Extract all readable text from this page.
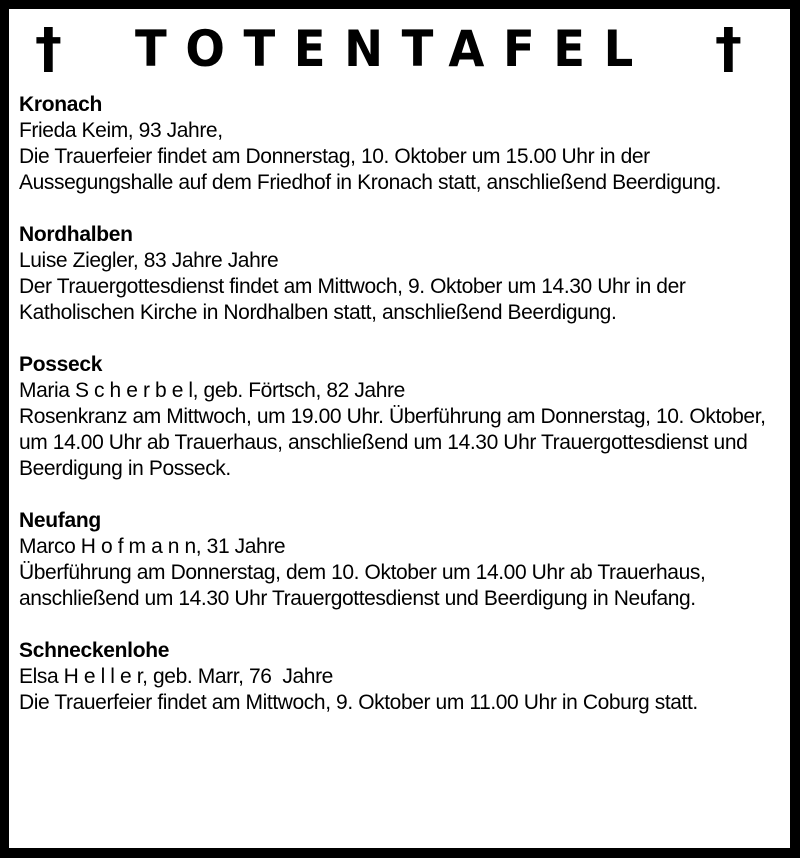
† TOTENTAFEL †
Kronach
Frieda Keim, 93 Jahre,
Die Trauerfeier findet am Donnerstag, 10. Oktober um 15.00 Uhr in der Aussegungshalle auf dem Friedhof in Kronach statt, anschließend Beerdigung.
Nordhalben
Luise Ziegler, 83 Jahre Jahre
Der Trauergottesdienst findet am Mittwoch, 9. Oktober um 14.30 Uhr in der Katholischen Kirche in Nordhalben statt, anschließend Beerdigung.
Posseck
Maria S c h e r b e l, geb. Förtsch, 82 Jahre
Rosenkranz am Mittwoch, um 19.00 Uhr. Überführung am Donnerstag, 10. Oktober, um 14.00 Uhr ab Trauerhaus, anschließend um 14.30 Uhr Trauergottesdienst und Beerdigung in Posseck.
Neufang
Marco H o f m a n n, 31 Jahre
Überführung am Donnerstag, dem 10. Oktober um 14.00 Uhr ab Trauerhaus, anschließend um 14.30 Uhr Trauergottesdienst und Beerdigung in Neufang.
Schneckenlohe
Elsa H e l l e r, geb. Marr, 76  Jahre
Die Trauerfeier findet am Mittwoch, 9. Oktober um 11.00 Uhr in Coburg statt.
